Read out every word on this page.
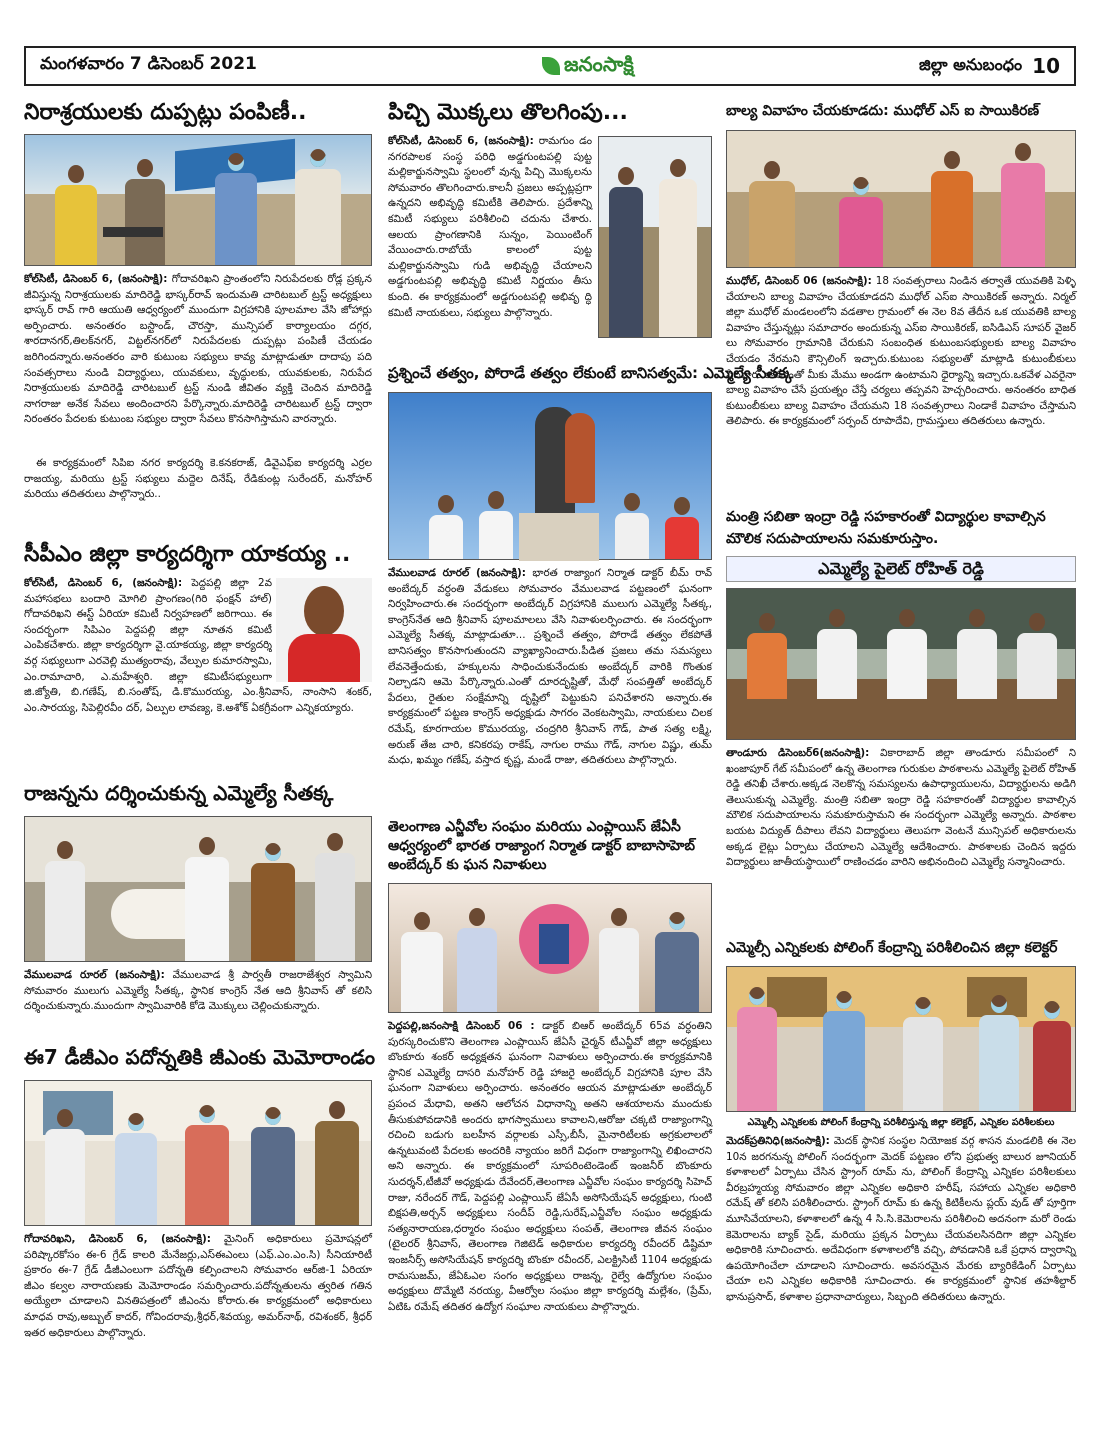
మంగళవారం 7 డిసెంబర్ 2021	జనంసాక్షి	జిల్లా అనుబంధం 10
నిరాశ్రయులకు దుప్పట్లు పంపిణీ..
కోల్‌సిటీ, డిసెంబర్ 6, (జనంసాక్షి): గోదావరిఖని ప్రాంతంలోని నిరుపేదలకు రోడ్ల ప్రక్కన జీవిస్తున్న నిరాశ్రయులకు మాదిరెడ్డి భాస్కర్‌రావ్ ఇందుమతి చారిటబుల్ ట్రస్ట్ అధ్యక్షులు భాస్కర్ రావ్ గారి ఆయుతి ఆధ్వర్యంలో ముందుగా విగ్రహానికి పూలమాల వేసి జోహార్లు అర్పించారు. అనంతరం బస్టాండ్, చౌరస్తా, మున్సిపల్ కార్యాలయం దగ్గర, శారదానగర్,తిలక్‌నగర్, విట్టల్‌నగర్‌లో నిరుపేదలకు దుప్పట్లు పంపిణీ చేయడం జరిగిందన్నారు.అనంతరం వారి కుటుంబ సభ్యులు కావ్య మాట్లాడుతూ దాదాపు పది సంవత్సరాలు నుండి విద్యార్థులు, యువకులు, వృద్ధులకు, యువకులకు, నిరుపేద నిరాశ్రయులకు మాదిరెడ్డి చారిటబుల్ ట్రస్ట్ నుండి జీవితం వ్యక్తి చెందిన మాదిరెడ్డి నాగరాజు అనేక సేవలు అందించారని పేర్కొన్నారు.మాదిరెడ్డి చారిటబుల్ ట్రస్ట్ ద్వారా నిరంతరం పేదలకు కుటుంబ సభ్యుల ద్వారా సేవలు కొనసాగిస్తామని వారన్నారు.
ఈ కార్యక్రమంలో సిపిఐ నగర కార్యదర్శి కె.కనకరాజ్, డివైఎఫ్ఐ కార్యదర్శి ఎర్రల రాజయ్య, మరియు ట్రస్ట్ సభ్యులు మద్దెల దినేష్, రేడికుంట్ల సురేందర్, మనోహర్ మరియు తదితరులు పాల్గొన్నారు..
సీపీఎం జిల్లా కార్యదర్శిగా యాకయ్య ..
కోల్‌సిటీ, డిసెంబర్ 6, (జనంసాక్షి): పెద్దపల్లి జిల్లా 2వ మహాసభలు బందారి మోగిలి ప్రాంగణం(గిరి ఫంక్షన్ హాల్) గోదావరిఖని ఈస్ట్ ఏరియా కమిటీ నిర్వహణలో జరిగాయి. ఈ సందర్భంగా సిపిఎం పెద్దపల్లి జిల్లా నూతన కమిటీ ఎంపికచేశారు. జిల్లా కార్యదర్శిగా వై.యాకయ్య, జిల్లా కార్యదర్శి వర్గ సభ్యులుగా ఎరవెల్లి ముత్యంరావు, వేల్పుల కుమారస్వామి, ఎం.రామాచారి, ఎ.మహేశ్వరి. జిల్లా కమిటీసభ్యులుగా జి.జ్యోతి, బి.గణేష్, బి.సంతోష్, డి.కొమురయ్య, ఎం.శ్రీనివాస్, నాంసాని శంకర్, ఎం.సారయ్య, సిపెల్లిరవీం దర్, ఏల్పుల లావణ్య, కె.అశోక్ ఏకగ్రీవంగా ఎన్నికయ్యారు.
రాజన్నను దర్శించుకున్న ఎమ్మెల్యే సీతక్క
వేములవాడ రూరల్ (జనంసాక్షి): వేములవాడ శ్రీ పార్వతీ రాజరాజేశ్వర స్వామిని సోమవారం ములుగు ఎమ్మెల్యే సీతక్క, స్థానిక కాంగ్రెస్ నేత ఆది శ్రీనివాస్ తో కలిసి దర్శించుకున్నారు.ముందుగా స్వామివారికి కోడె మొక్కులు చెల్లించుకున్నారు.
ఈ7 డీజీఎం పదోన్నతికి జీఎంకు మెమోరాండం
గోదావరిఖని, డిసెంబర్ 6, (జనంసాక్షి): మైనింగ్ అధికారులు ప్రమోషన్లలో పరిష్కారకోసం ఈ-6 గ్రేడ్ కాలరి మేనేజర్లు,ఎస్ఈఎంలు (ఎఫ్.ఎం.ఎం.సి) సీనియారిటీ ప్రకారం ఈ-7 గ్రేడ్ డీజీఎంలుగా పదోన్నతి కల్పించాలని సోమవారం ఆర్‌జి-1 ఏరియా జీఎం కల్వల నారాయణకు మెమోరాండం సమర్పించారు.పదోన్నతులను త్వరిత గతిన అయ్యేలా చూడాలని వినతిపత్రంలో జీఎంను కోరారు.ఈ కార్యక్రమంలో అధికారులు మాధవ రావు,అబ్బుల్ కాదర్, గోవిందరావు,శ్రీధర్,శివయ్య, అమర్‌నాథ్, రవిశంకర్, శ్రీధర్ ఇతర అధికారులు పాల్గొన్నారు.
పిచ్చి మొక్కలు తొలగింపు...
కోల్‌సిటీ, డిసెంబర్ 6, (జనంసాక్షి): రామగుం డం నగరపాలక సంస్థ పరిధి అడ్డగుంటపల్లి పుట్ట మల్లికార్జునస్వామి స్థలంలో వున్న పిచ్చి మొక్కలను సోమవారం తొలగించారు.కాలనీ ప్రజలు అప్పట్లప్రగా ఉన్నదని అభివృద్ధి కమిటీకి తెలిపారు. ప్రదేశాన్ని కమిటీ సభ్యులు పరిశీలించి చదును చేశారు. ఆలయ ప్రాంగణానికి సున్నం, పెయింటింగ్ వేయించారు.రాబోయే కాలంలో పుట్ట మల్లికార్జునస్వామి గుడి అభివృద్ధి చేయాలని అడ్డగుంటపల్లి అభివృద్ధి కమిటీ నిర్ణయం తీసు కుంది. ఈ కార్యక్రమంలో అడ్డగుంటపల్లి అభివృ ద్ధి కమిటీ నాయకులు, సభ్యులు పాల్గొన్నారు.
ప్రశ్నించే తత్వం, పోరాడే తత్వం లేకుంటే బానిసత్వమే: ఎమ్మెల్యే సీతక్క
వేములవాడ రూరల్ (జనంసాక్షి): భారత రాజ్యాంగ నిర్మాత డాక్టర్ బీమ్ రావ్ అంబేద్కర్ వర్ధంతి వేడుకలు సోమవారం వేములవాడ పట్టణంలో ఘనంగా నిర్వహించారు.ఈ సందర్భంగా అంబేద్కర్ విగ్రహానికి ములుగు ఎమ్మెల్యే సీతక్క, కాంగ్రెస్‌నేత ఆది శ్రీనివాస్ పూలమాలలు వేసి నివాళులర్పించారు. ఈ సందర్భంగా ఎమ్మెల్యే సీతక్క మాట్లాడుతూ... ప్రశ్నించే తత్వం, పోరాడే తత్వం లేకపోతే బానిసత్వం కొనసాగుతుందని వ్యాఖ్యానించారు.పీడిత ప్రజలు తమ సమస్యలు లేవనెత్తేందుకు, హక్కులను సాధించుకునేందుకు అంబేద్కర్ వారికి గొంతుక నిల్చాడని ఆమె పేర్కొన్నారు.ఎంతో దూరదృష్టితో, మేధో సంపత్తితో అంబేద్కర్ పేదలు, రైతుల సంక్షేమాన్ని దృష్టిలో పెట్టుకుని పనిచేశారని అన్నారు.ఈ కార్యక్రమంలో పట్టణ కాంగ్రెస్ అధ్యక్షుడు సాగరం వెంకటస్వామి, నాయకులు చిలక రమేష్, కూరగాయల కొమురయ్య, చంద్రగిరి శ్రీనివాస్ గౌడ్, పాత సత్య లక్ష్మి, అరుణ్ తేజ చారి, కనికరపు రాకేష్, నాగుల రాము గౌడ్, నాగుల విష్ణు, తుమ్ మధు, ఖమ్మం గణేష్, వస్తాద కృష్ణ, మండే రాజు, తదితరులు పాల్గొన్నారు.
తెలంగాణ ఎన్జీవోల సంఘం మరియు ఎంప్లాయిస్ జేఏసీ ఆధ్వర్యంలో భారత రాజ్యాంగ నిర్మాత డాక్టర్ బాబాసాహెబ్ అంబేద్కర్ కు ఘన నివాళులు
పెద్దపల్లి,జనంసాక్షి డిసెంబర్ 06 : డాక్టర్ బిఆర్ అంబేద్కర్ 65వ వర్ధంతిని పురస్కరించుకొని తెలంగాణ ఎంప్లాయిస్ జేఏసీ చైర్మన్ టీఎన్జీవో జిల్లా అధ్యక్షులు బొంకూరు శంకర్ అధ్యక్షతన ఘనంగా నివాళులు అర్పించారు.ఈ కార్యక్రమానికి స్థానిక ఎమ్మెల్యే దాసరి మనోహర్ రెడ్డి హాజరై అంబేద్కర్ విగ్రహానికి పూల వేసి ఘనంగా నివాళులు అర్పించారు. అనంతరం ఆయన మాట్లాడుతూ అంబేద్కర్ ప్రపంచ మేధావి, అతని ఆలోచన విధానాన్ని అతని ఆశయాలను ముందుకు తీసుకుపోవడానికి అందరు భాగస్వాములు కావాలని,ఆరోజు చక్కటి రాజ్యాంగాన్ని రచించి బడుగు బలహీన వర్గాలకు ఎస్సీ,బీసీ, మైనారిటీలకు అగ్రకులాలలో ఉన్నటువంటి పేదలకు అందరికి న్యాయం జరిగే విధంగా రాజ్యాంగాన్ని లిఖించారని అని అన్నారు. ఈ కార్యక్రమంలో సూపరింటెండెంట్ ఇంజనీర్ బొంకూరు సుదర్శన్,టీజీవో అధ్యక్షుడు దేవేందర్,తెలంగాణ ఎన్జీవోల సంఘం కార్యదర్శి సిహెచ్ రాజు, నరేందర్ గౌడ్, పెద్దపల్లి ఎంప్లాయిస్ జేఏసీ అసోసియేషన్ అధ్యక్షులు, గుంటి బిక్షపతి,అర్చన్ అధ్యక్షులు సందీప్ రెడ్డి,సురేష్,ఎన్జీవోల సంఘం అధ్యక్షుడు సత్యనారాయణ,ధర్మారం సంఘం అధ్యక్షులు సంపత్, తెలంగాణ జీవన సంఘం (టైలరర్ శ్రీనివాస్, తెలంగాణ గెజిటెడ్ అధికారుల కార్యదర్శి రవీందర్ డిష్టిమా ఇంజనీర్స్ అసోసియేషన్ కార్యదర్శి బొంకూ రవీందర్, ఎలక్ట్రిసిటీ 1104 అధ్యక్షుడు రామసుజమ్, జేఏఓఎల సంగం అధ్యక్షులు రాజన్న, రైల్వే ఉద్యోగుల సంఘం అధ్యక్షులు దొమ్మేటి నరయ్య, వీఆర్వోల సంఘం జిల్లా కార్యదర్శి మల్లేశం, (ప్రేమ్, ఏటిఓ రమేష్ తదితర ఉద్యోగ సంఘాల నాయకులు పాల్గొన్నారు.
బాల్య వివాహం చేయకూడదు: ముధోల్ ఎస్ ఐ సాయికిరణ్
ముధోల్, డిసెంబర్ 06 (జనంసాక్షి): 18 సంవత్సరాలు నిండిన తర్వాతే యువతికి పెళ్ళి చేయాలని బాల్య వివాహం చేయకూడదని ముధోల్ ఎస్ఐ సాయికిరణ్ అన్నారు. నిర్మల్ జిల్లా ముధోల్ మండలంలోని వడతాల గ్రామంలో ఈ నెల 8వ తేదీన ఒక యువతికి బాల్య వివాహం చేస్తున్నట్లు సమాచారం అందుకున్న ఎస్ఐ సాయికిరణ్, ఐసిడిఎస్ సూపర్ వైజర్ లు సోమవారం గ్రామానికి చేరుకుని సంబంధిత కుటుంబసభ్యులకు బాల్య వివాహం చేయడం నేరమని కౌన్సిలింగ్ ఇచ్చారు.కుటుంబ సభ్యులతో మాట్లాడి కుటుంబీకులు పేదవారు కావడంతో మీకు మేము అండగా ఉంటామని ధైర్యాన్ని ఇచ్చారు.ఒకవేళ ఎవరైనా బాల్య వివాహం చేసే ప్రయత్నం చేస్తే చర్యలు తప్పవని హెచ్చరించారు. అనంతరం బాధిత కుటుంబీకులు బాల్య వివాహం చేయమని 18 సంవత్సరాలు నిండాకే వివాహం చేస్తామని తెలిపారు. ఈ కార్యక్రమంలో సర్పంచ్ రూపాదేవి, గ్రామస్తులు తదితరులు ఉన్నారు.
మంత్రి సబితా ఇంద్రా రెడ్డి సహకారంతో విద్యార్థుల కావాల్సిన మౌలిక సదుపాయాలను సమకూరుస్తాం.
ఎమ్మెల్యే పైలెట్ రోహిత్ రెడ్డి
తాండూరు డిసెంబర్6(జనంసాక్షి): వికారాబాద్ జిల్లా తాండూరు సమీపంలో ని ఖంజాపూర్ గేట్ సమీపంలో ఉన్న తెలంగాణ గురుకుల పాఠశాలను ఎమ్మెల్యే పైలెట్ రోహిత్ రెడ్డి తనిఖీ చేశారు.అక్కడ నెలకొన్న సమస్యలను ఉపాధ్యాయులను, విద్యార్థులను అడిగి తెలుసుకున్న ఎమ్మెల్యే. మంత్రి సబితా ఇంద్రా రెడ్డి సహకారంతో విద్యార్థుల కావాల్సిన మౌలిక సదుపాయాలను సమకూరుస్తామని ఈ సందర్భంగా ఎమ్మెల్యే అన్నారు. పాఠశాల బయట విద్యుత్ దీపాలు లేవని విద్యార్థులు తెలుపగా వెంటనే మున్సిపల్ అధికారులను అక్కడ లైట్లు ఏర్పాటు చేయాలని ఎమ్మెల్యే ఆదేశించారు. పాఠశాలకు చెందిన ఇద్దరు విద్యార్థులు జాతీయస్థాయిలో రాణించడం వారిని అభినందించి ఎమ్మెల్యే సన్మానించారు.
ఎమ్మెల్సీ ఎన్నికలకు పోలింగ్ కేంద్రాన్ని పరిశీలించిన జిల్లా కలెక్టర్
ఎమ్మెల్సీ ఎన్నికలకు పోలింగ్ కేంద్రాన్ని పరిశీలిస్తున్న జిల్లా కలెక్టర్, ఎన్నికల పరిశీలకులు
మెదక్‌ప్రతినిధి(జనంసాక్షి): మెదక్ స్థానిక సంస్థల నియోజక వర్గ శాసన మండలికి ఈ నెల 10న జరగనున్న పోలింగ్ సందర్భంగా మెదక్ పట్టణం లోని ప్రభుత్వ బాలుర జూనియర్ కళాశాలలో ఏర్పాటు చేసిన స్ట్రాంగ్ రూమ్ ను, పోలింగ్ కేంద్రాన్ని ఎన్నికల పరిశీలకులు వీరబ్రహ్మయ్య సోమవారం జిల్లా ఎన్నికల అధికారి హరీష్, సహాయ ఎన్నికల అధికారి రమేష్ తో కలిసి పరిశీలించారు. స్ట్రాంగ్ రూమ్ కు ఉన్న కిటికీలను ప్లయ్ వుడ్ తో పూర్తిగా మూసివేయాలని, కళాశాలలో ఉన్న 4 సి.సి.కెమెరాలను పరిశీలించి అదనంగా మరో రెండు కెమెరాలను బ్యాక్ సైడ్, మరియు ప్రక్కన ఏర్పాటు చేయవలసినదిగా జిల్లా ఎన్నికల అధికారికి సూచించారు. అదేవిధంగా కళాశాలలోకి వచ్చి, పోవడానికి ఒకే ప్రధాన ద్వారాన్ని ఉపయోగించేలా చూడాలని సూచించారు. అవసరమైన మేరకు బ్యారికేడింగ్ ఏర్పాటు చేయా లని ఎన్నికల అధికారికి సూచించారు. ఈ కార్యక్రమంలో స్థానిక తహశీల్దార్ భానుప్రసాద్, కళాశాల ప్రధానాచార్యులు, సిబ్బంది తదితరులు ఉన్నారు.
